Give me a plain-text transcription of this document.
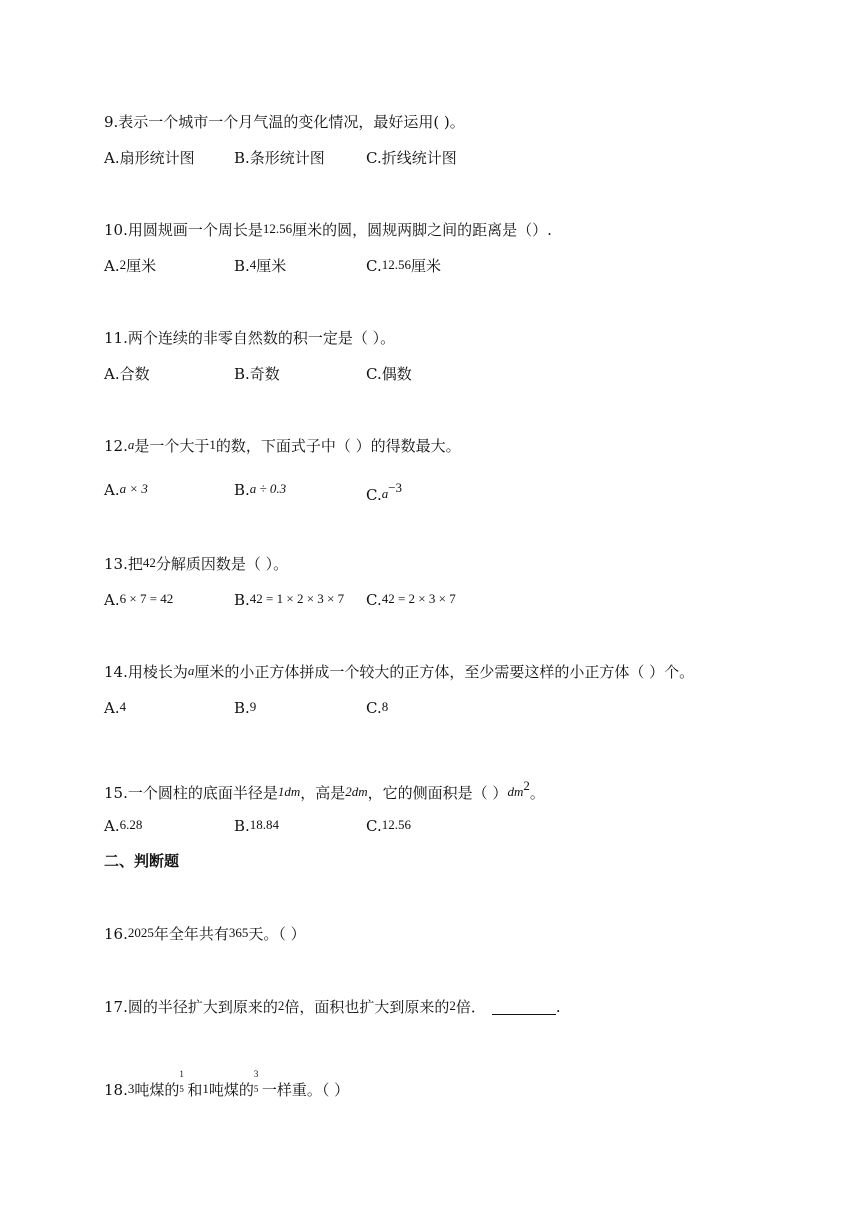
9.表示一个城市一个月气温的变化情况，最好运用( )。
A.扇形统计图	B.条形统计图	C.折线统计图
10.用圆规画一个周长是12.56厘米的圆，圆规两脚之间的距离是（）.
A.2厘米	B.4厘米	C.12.56厘米
11.两个连续的非零自然数的积一定是（ ）。
A.合数	B.奇数	C.偶数
12.a是一个大于1的数，下面式子中（ ）的得数最大。
A.a × 3	B.a ÷ 0.3	$C.a^{-3}$
13.把42分解质因数是（ ）。
A.6 × 7 = 42	B.42 = 1 × 2 × 3 × 7 C.42 = 2 × 3 × 7
14.用棱长为a厘米的小正方体拼成一个较大的正方体，至少需要这样的小正方体（ ）个。
A.4	B.9	C.8
15.一个圆柱的底面半径是1dm，高是2dm，它的侧面积是（ ）$dm^2$。
A.6.28	B.18.84	C.12.56
二、判断题
16.2025年全年共有365天。（ ）
17.圆的半径扩大到原来的2倍，面积也扩大到原来的2倍．	.
18.3吨煤的
1
5 和1吨煤的
3
5 一样重。（ ）
